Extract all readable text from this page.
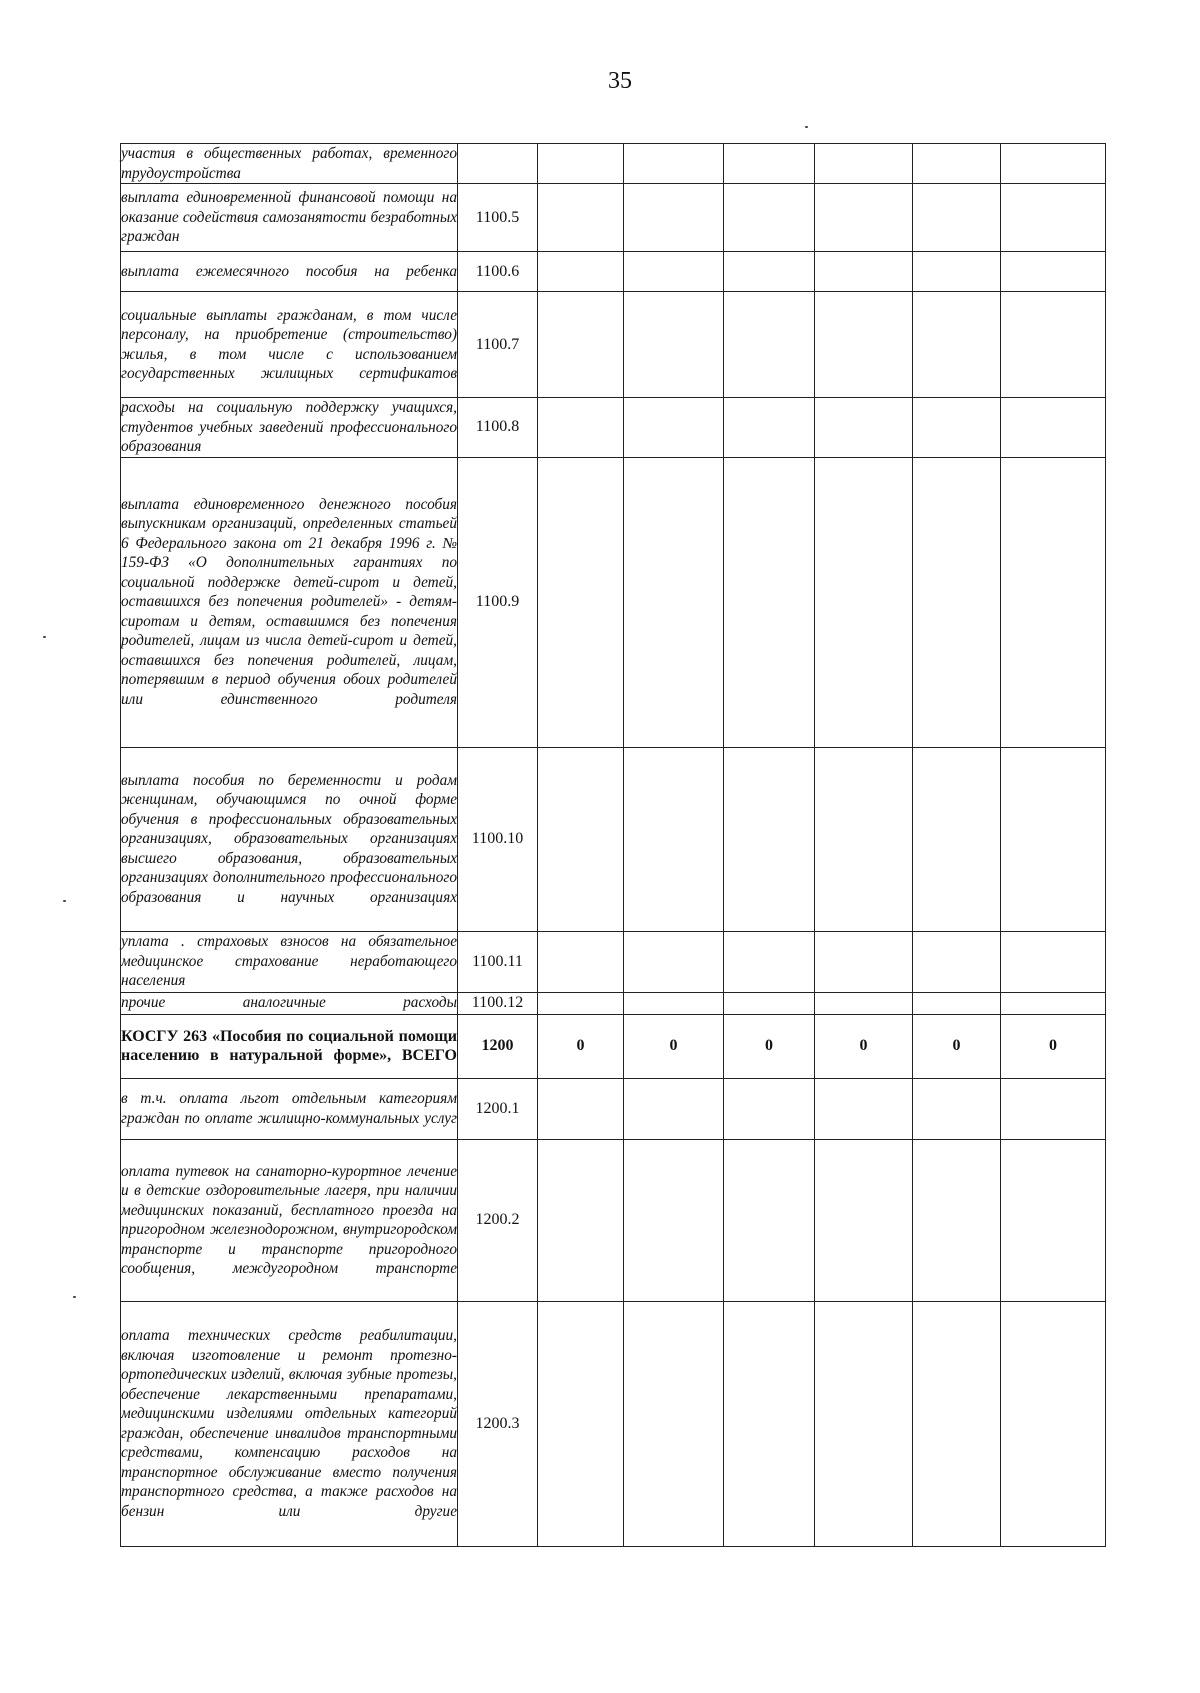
35
участия в общественных работах, временного трудоустройства							
выплата единовременной финансовой помощи на оказание содействия самозанятости безработных граждан	1100.5						
выплата ежемесячного пособия на ребенка	1100.6						
социальные выплаты гражданам, в том числе персоналу, на приобретение (строительство) жилья, в том числе с использованием государственных жилищных сертификатов	1100.7						
расходы на социальную поддержку учащихся, студентов учебных заведений профессионального образования	1100.8						
выплата единовременного денежного пособия выпускникам организаций, определенных статьей 6 Федерального закона от 21 декабря 1996 г. № 159-ФЗ «О дополнительных гарантиях по социальной поддержке детей-сирот и детей, оставшихся без попечения родителей» - детям-сиротам и детям, оставшимся без попечения родителей, лицам из числа детей-сирот и детей, оставшихся без попечения родителей, лицам, потерявшим в период обучения обоих родителей или единственного родителя	1100.9						
выплата пособия по беременности и родам женщинам, обучающимся по очной форме обучения в профессиональных образовательных организациях, образовательных организациях высшего образования, образовательных организациях дополнительного профессионального образования и научных организациях	1100.10						
уплата . страховых взносов на обязательное медицинское страхование неработающего населения	1100.11						
прочие аналогичные расходы	1100.12						
КОСГУ 263 «Пособия по социальной помощи населению в натуральной форме», ВСЕГО	1200	0	0	0	0	0	0
в т.ч. оплата льгот отдельным категориям граждан по оплате жилищно-коммунальных услуг	1200.1						
оплата путевок на санаторно-курортное лечение и в детские оздоровительные лагеря, при наличии медицинских показаний, бесплатного проезда на пригородном железнодорожном, внутригородском транспорте и транспорте пригородного сообщения, междугородном транспорте	1200.2						
оплата технических средств реабилитации, включая изготовление и ремонт протезно-ортопедических изделий, включая зубные протезы, обеспечение лекарственными препаратами, медицинскими изделиями отдельных категорий граждан, обеспечение инвалидов транспортными средствами, компенсацию расходов на транспортное обслуживание вместо получения транспортного средства, а также расходов на бензин или другие	1200.3						
